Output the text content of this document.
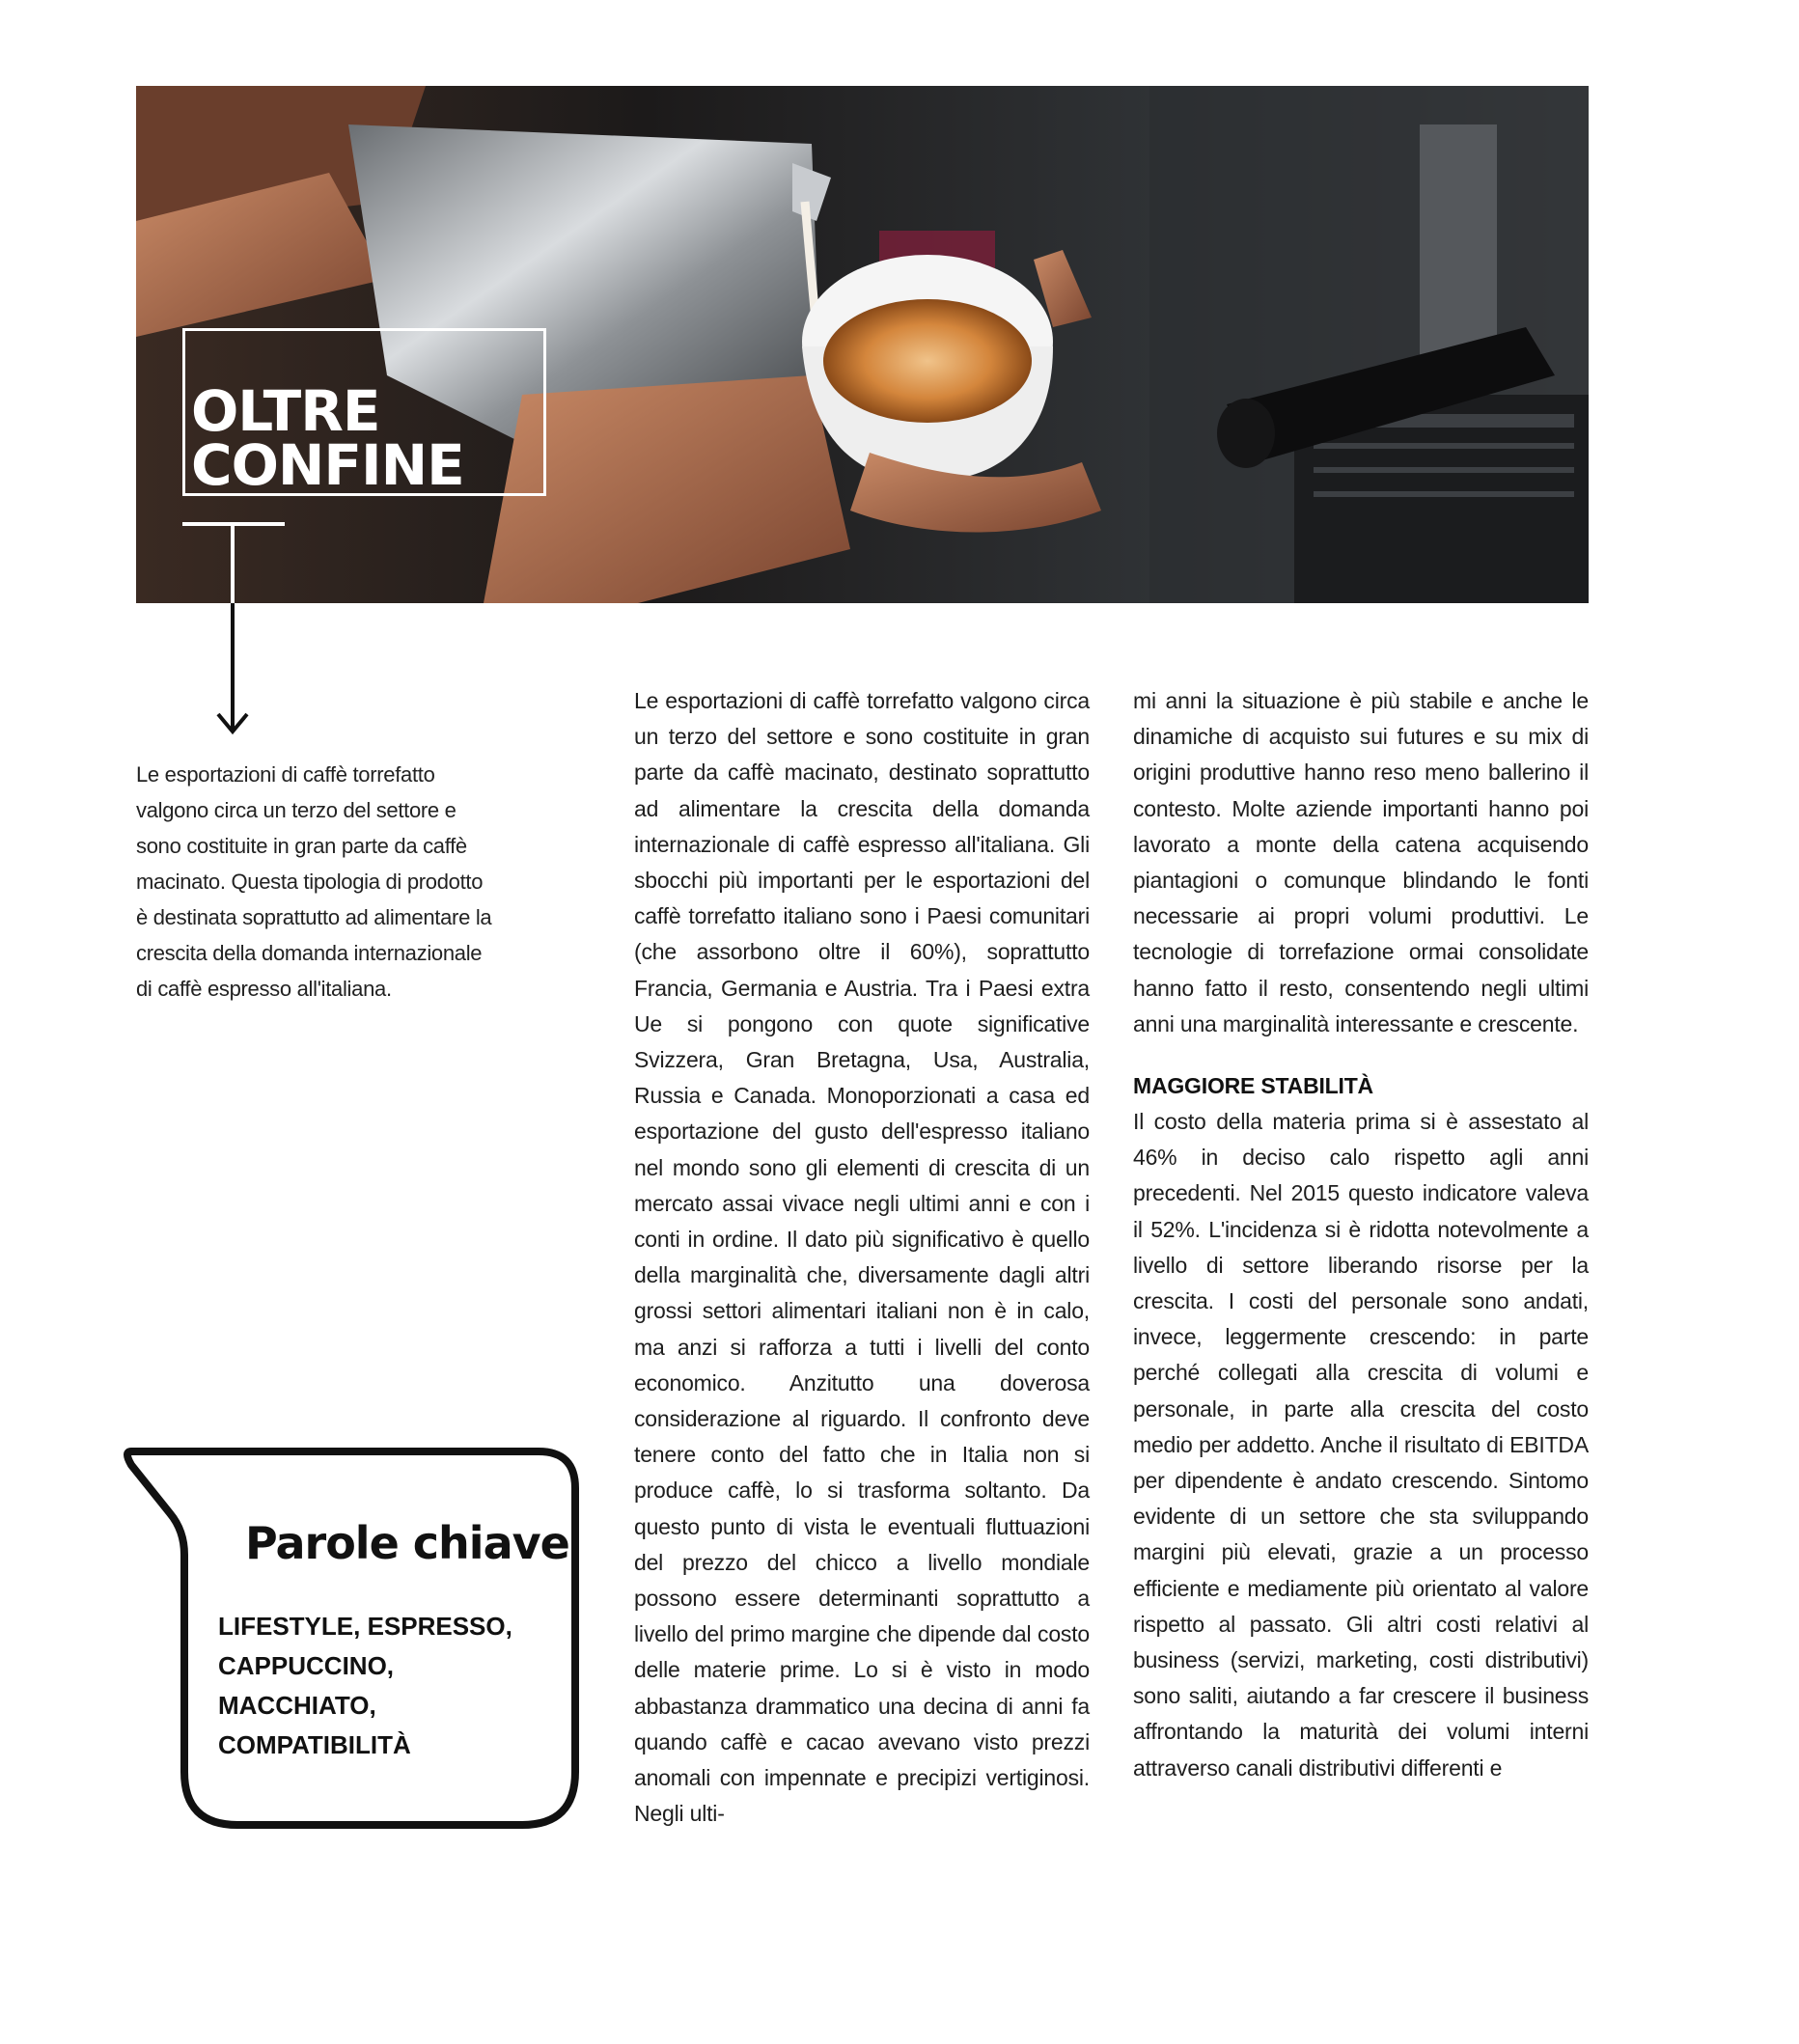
OLTRE
CONFINE

Le esportazioni di caffè torrefatto valgono circa un terzo del settore e sono costituite in gran parte da caffè macinato. Questa tipologia di prodotto è destinata soprattutto ad alimentare la crescita della domanda internazionale di caffè espresso all'italiana.

Le esportazioni di caffè torrefatto valgono circa un terzo del settore e sono costituite in gran parte da caffè macinato, destinato soprattutto ad alimentare la crescita della domanda internazionale di caffè espresso all'italiana. Gli sbocchi più importanti per le esportazioni del caffè torrefatto italiano sono i Paesi comunitari (che assorbono oltre il 60%), soprattutto Francia, Germania e Austria. Tra i Paesi extra Ue si pongono con quote significative Svizzera, Gran Bretagna, Usa, Australia, Russia e Canada. Monoporzionati a casa ed esportazione del gusto dell'espresso italiano nel mondo sono gli elementi di crescita di un mercato assai vivace negli ultimi anni e con i conti in ordine. Il dato più significativo è quello della marginalità che, diversamente dagli altri grossi settori alimentari italiani non è in calo, ma anzi si rafforza a tutti i livelli del conto economico. Anzitutto una doverosa considerazione al riguardo. Il confronto deve tenere conto del fatto che in Italia non si produce caffè, lo si trasforma soltanto. Da questo punto di vista le eventuali fluttuazioni del prezzo del chicco a livello mondiale possono essere determinanti soprattutto a livello del primo margine che dipende dal costo delle materie prime. Lo si è visto in modo abbastanza drammatico una decina di anni fa quando caffè e cacao avevano visto prezzi anomali con impennate e precipizi vertiginosi. Negli ulti-

mi anni la situazione è più stabile e anche le dinamiche di acquisto sui futures e su mix di origini produttive hanno reso meno ballerino il contesto. Molte aziende importanti hanno poi lavorato a monte della catena acquisendo piantagioni o comunque blindando le fonti necessarie ai propri volumi produttivi. Le tecnologie di torrefazione ormai consolidate hanno fatto il resto, consentendo negli ultimi anni una marginalità interessante e crescente.

MAGGIORE STABILITÀ

Il costo della materia prima si è assestato al 46% in deciso calo rispetto agli anni precedenti. Nel 2015 questo indicatore valeva il 52%. L'incidenza si è ridotta notevolmente a livello di settore liberando risorse per la crescita. I costi del personale sono andati, invece, leggermente crescendo: in parte perché collegati alla crescita di volumi e personale, in parte alla crescita del costo medio per addetto. Anche il risultato di EBITDA per dipendente è andato crescendo. Sintomo evidente di un settore che sta sviluppando margini più elevati, grazie a un processo efficiente e mediamente più orientato al valore rispetto al passato. Gli altri costi relativi al business (servizi, marketing, costi distributivi) sono saliti, aiutando a far crescere il business affrontando la maturità dei volumi interni attraverso canali distributivi differenti e

Parole chiave
LIFESTYLE, ESPRESSO,
CAPPUCCINO,
MACCHIATO,
COMPATIBILITÀ
